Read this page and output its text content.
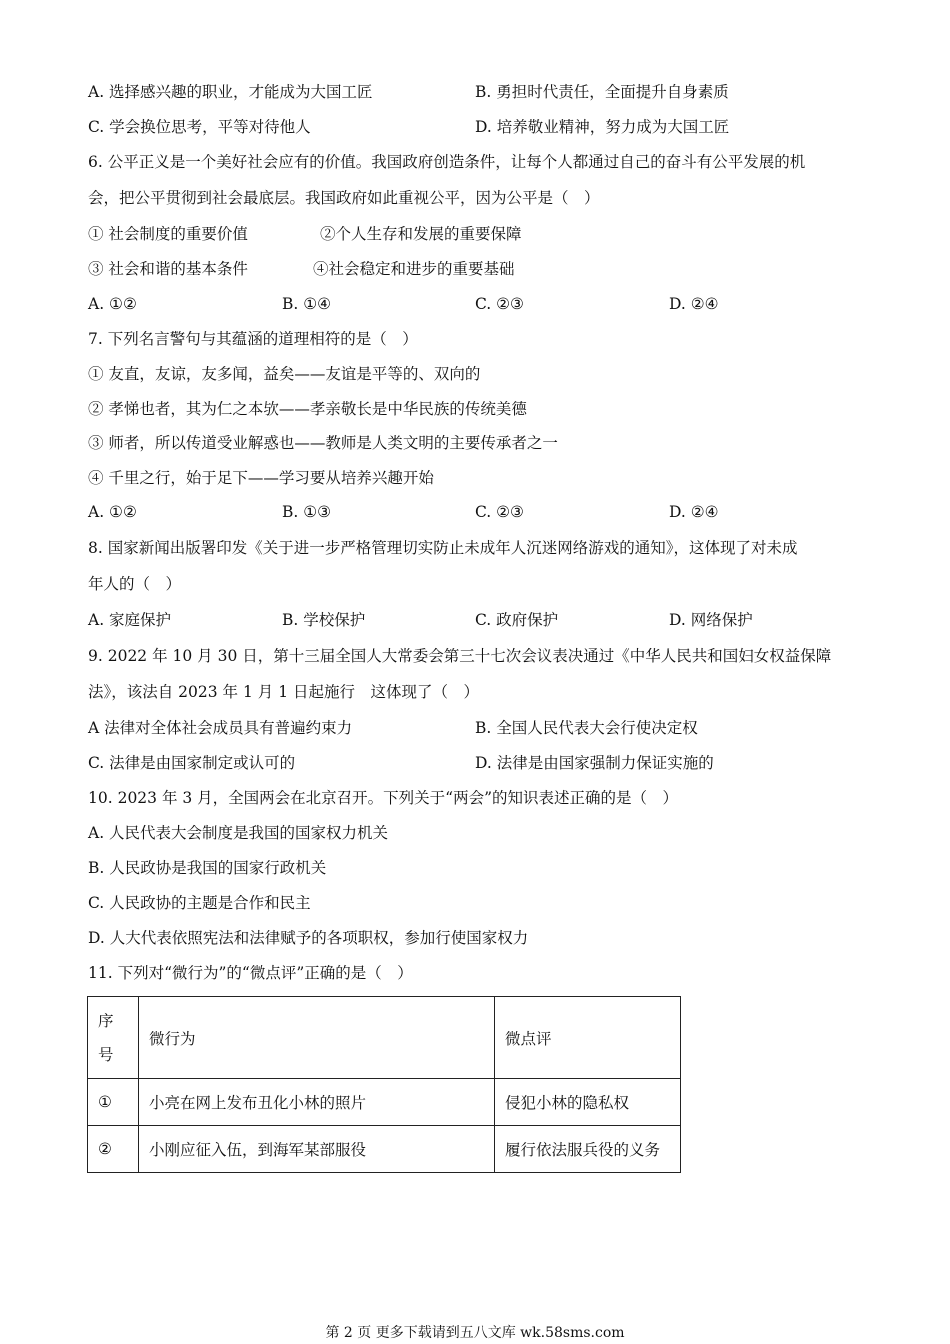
A. 选择感兴趣的职业，才能成为大国工匠	B. 勇担时代责任，全面提升自身素质
C. 学会换位思考，平等对待他人	D. 培养敬业精神，努力成为大国工匠
6. 公平正义是一个美好社会应有的价值。我国政府创造条件，让每个人都通过自己的奋斗有公平发展的机
会，把公平贯彻到社会最底层。我国政府如此重视公平，因为公平是（　）
① 社会制度的重要价值	②个人生存和发展的重要保障
③ 社会和谐的基本条件	④社会稳定和进步的重要基础
A. ①②	B. ①④	C. ②③	D. ②④
7. 下列名言警句与其蕴涵的道理相符的是（　）
① 友直，友谅，友多闻，益矣——友谊是平等的、双向的
② 孝悌也者，其为仁之本欤——孝亲敬长是中华民族的传统美德
③ 师者，所以传道受业解惑也——教师是人类文明的主要传承者之一
④ 千里之行，始于足下——学习要从培养兴趣开始
A. ①②	B. ①③	C. ②③	D. ②④
8. 国家新闻出版署印发《关于进一步严格管理切实防止未成年人沉迷网络游戏的通知》，这体现了对未成
年人的（　）
A. 家庭保护	B. 学校保护	C. 政府保护	D. 网络保护
9. 2022 年 10 月 30 日，第十三届全国人大常委会第三十七次会议表决通过《中华人民共和国妇女权益保障
法》，该法自 2023 年 1 月 1 日起施行　这体现了（　）
A 法律对全体社会成员具有普遍约束力	B. 全国人民代表大会行使决定权
C. 法律是由国家制定或认可的	D. 法律是由国家强制力保证实施的
10. 2023 年 3 月，全国两会在北京召开。下列关于“两会”的知识表述正确的是（　）
A. 人民代表大会制度是我国的国家权力机关
B. 人民政协是我国的国家行政机关
C. 人民政协的主题是合作和民主
D. 人大代表依照宪法和法律赋予的各项职权，参加行使国家权力
11. 下列对“微行为”的“微点评”正确的是（　）
序
号	微行为	微点评
①	小亮在网上发布丑化小林的照片	侵犯小林的隐私权
②	小刚应征入伍，到海军某部服役	履行依法服兵役的义务
第 2 页 更多下载请到五八文库 wk.58sms.com
